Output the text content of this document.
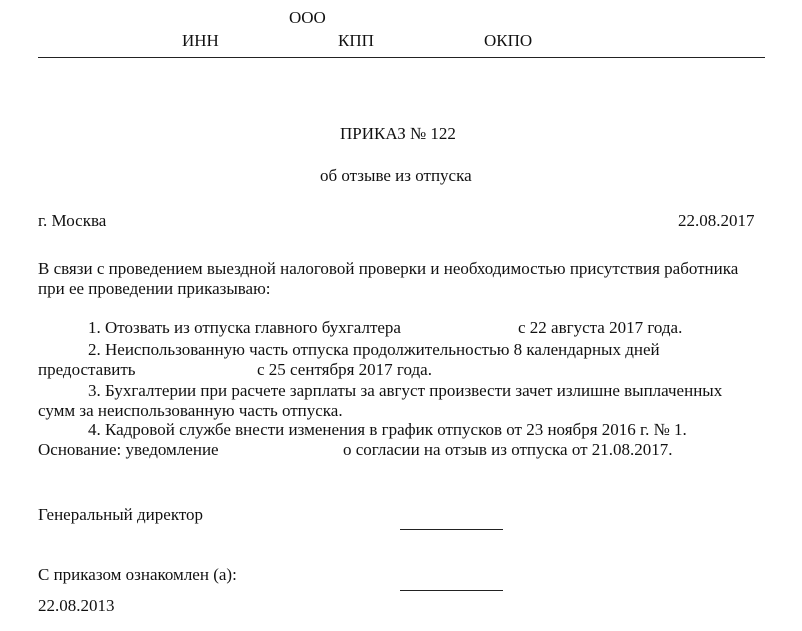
ООО
ИНН	КПП	ОКПО
ПРИКАЗ № 122
об отзыве из отпуска
г. Москва	22.08.2017
В связи с проведением выездной налоговой проверки и необходимостью присутствия работника
при ее проведении приказываю:
1. Отозвать из отпуска главного бухгалтера	с 22 августа 2017 года.
2. Неиспользованную часть отпуска продолжительностью 8 календарных дней
предоставить	с 25 сентября 2017 года.
3. Бухгалтерии при расчете зарплаты за август произвести зачет излишне выплаченных
сумм за неиспользованную часть отпуска.
4. Кадровой службе внести изменения в график отпусков от 23 ноября 2016 г. № 1.
Основание: уведомление	о согласии на отзыв из отпуска от 21.08.2017.
Генеральный директор
С приказом ознакомлен (а):
22.08.2013
